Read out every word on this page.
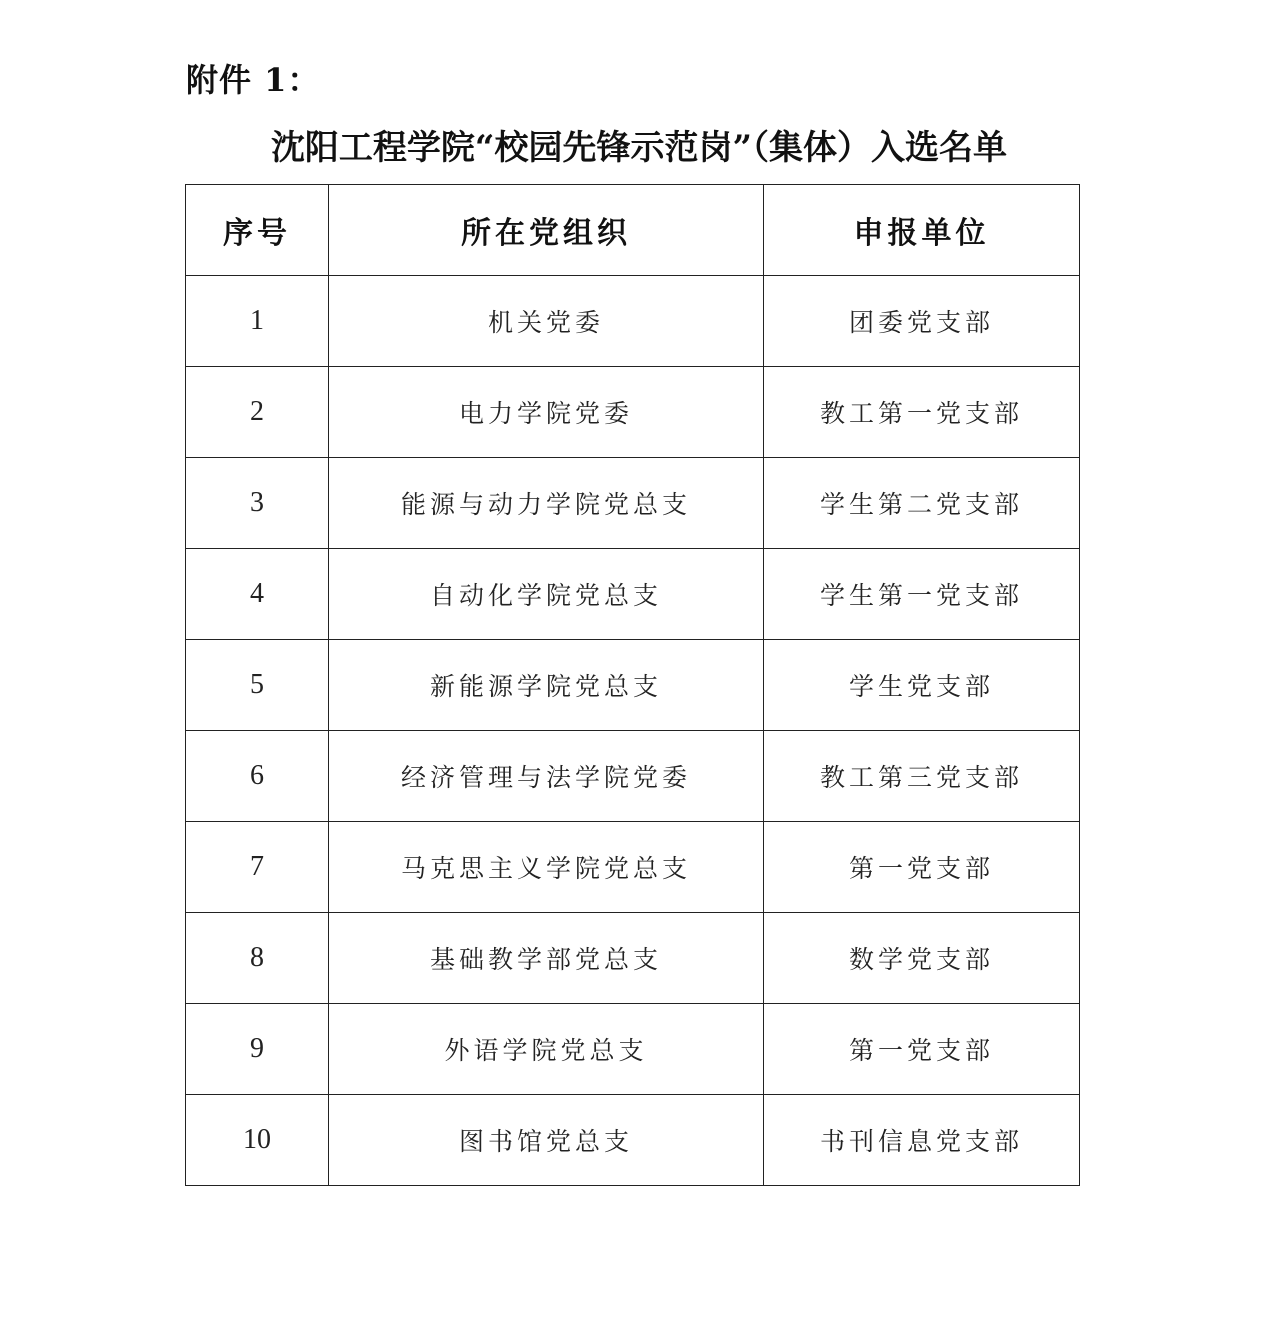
附件 1：
沈阳工程学院“校园先锋示范岗”（集体）入选名单
序号	所在党组织	申报单位
1	机关党委	团委党支部
2	电力学院党委	教工第一党支部
3	能源与动力学院党总支	学生第二党支部
4	自动化学院党总支	学生第一党支部
5	新能源学院党总支	学生党支部
6	经济管理与法学院党委	教工第三党支部
7	马克思主义学院党总支	第一党支部
8	基础教学部党总支	数学党支部
9	外语学院党总支	第一党支部
10	图书馆党总支	书刊信息党支部
